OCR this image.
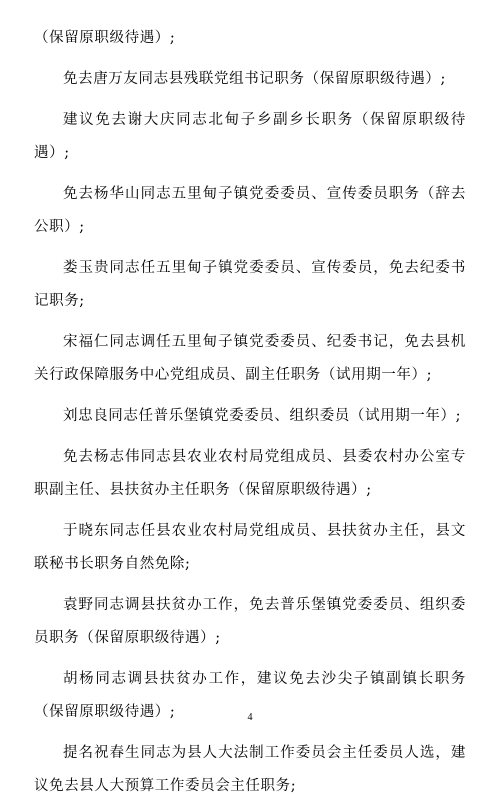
（保留原职级待遇）;

免去唐万友同志县残联党组书记职务（保留原职级待遇）;

建议免去谢大庆同志北甸子乡副乡长职务（保留原职级待遇）;

免去杨华山同志五里甸子镇党委委员、宣传委员职务（辞去公职）;

娄玉贵同志任五里甸子镇党委委员、宣传委员，免去纪委书记职务;

宋福仁同志调任五里甸子镇党委委员、纪委书记，免去县机关行政保障服务中心党组成员、副主任职务（试用期一年）;

刘忠良同志任普乐堡镇党委委员、组织委员（试用期一年）;

免去杨志伟同志县农业农村局党组成员、县委农村办公室专职副主任、县扶贫办主任职务（保留原职级待遇）;

于晓东同志任县农业农村局党组成员、县扶贫办主任，县文联秘书长职务自然免除;

袁野同志调县扶贫办工作，免去普乐堡镇党委委员、组织委员职务（保留原职级待遇）;

胡杨同志调县扶贫办工作，建议免去沙尖子镇副镇长职务（保留原职级待遇）;

提名祝春生同志为县人大法制工作委员会主任委员人选，建议免去县人大预算工作委员会主任职务;

4
